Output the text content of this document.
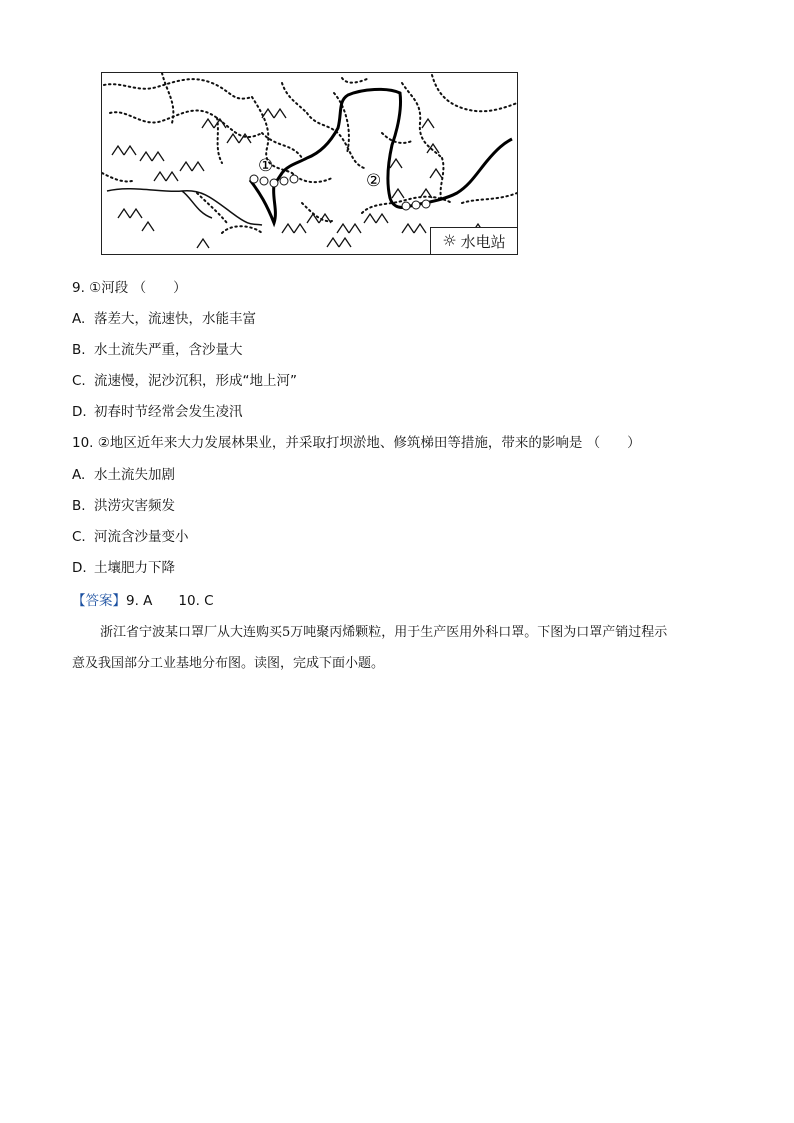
①
②
☼ 水电站
9. ①河段 （　　）
A. 落差大，流速快，水能丰富
B. 水土流失严重，含沙量大
C. 流速慢，泥沙沉积，形成“地上河”
D. 初春时节经常会发生凌汛
10. ②地区近年来大力发展林果业，并采取打坝淤地、修筑梯田等措施，带来的影响是 （　　）
A. 水土流失加剧
B. 洪涝灾害频发
C. 河流含沙量变小
D. 土壤肥力下降
【答案】9. A 10. C
浙江省宁波某口罩厂从大连购买5万吨聚丙烯颗粒，用于生产医用外科口罩。下图为口罩产销过程示
意及我国部分工业基地分布图。读图，完成下面小题。
